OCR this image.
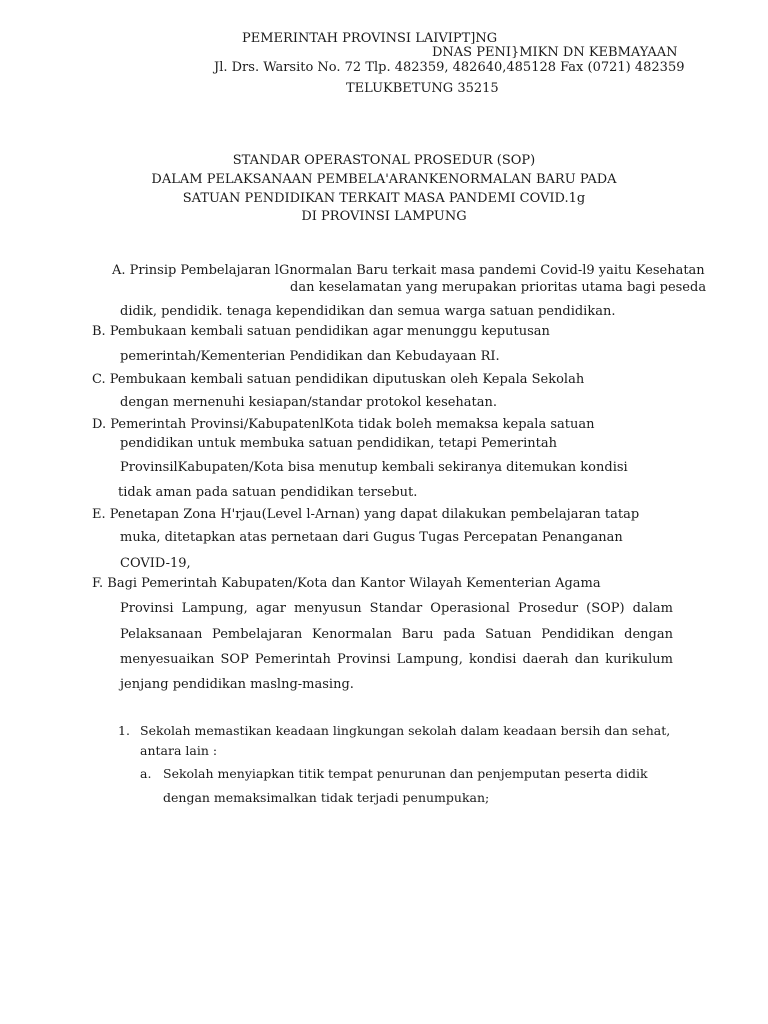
PEMERINTAH PROVINSI LAIVIPT]NG
DNAS PENI}MIKN DN KEBMAYAAN
Jl. Drs. Warsito No. 72 Tlp. 482359, 482640,485128 Fax (0721) 482359
TELUKBETUNG 35215
STANDAR OPERASTONAL PROSEDUR (SOP)
DALAM PELAKSANAAN PEMBELA'ARANKENORMALAN BARU PADA
SATUAN PENDIDIKAN TERKAIT MASA PANDEMI COVID.1g
DI PROVINSI LAMPUNG
A. Prinsip Pembelajaran lGnormalan Baru terkait masa pandemi Covid-l9 yaitu Kesehatan
dan keselamatan yang merupakan prioritas utama bagi peseda
didik, pendidik. tenaga kependidikan dan semua warga satuan pendidikan.
B. Pembukaan kembali satuan pendidikan agar menunggu keputusan
pemerintah/Kementerian Pendidikan dan Kebudayaan RI.
C. Pembukaan kembali satuan pendidikan diputuskan oleh Kepala Sekolah
dengan mernenuhi kesiapan/standar protokol kesehatan.
D. Pemerintah Provinsi/KabupatenlKota tidak boleh memaksa kepala satuan
pendidikan untuk membuka satuan pendidikan, tetapi Pemerintah
ProvinsilKabupaten/Kota bisa menutup kembali sekiranya ditemukan kondisi
tidak aman pada satuan pendidikan tersebut.
E. Penetapan Zona H'rjau(Level l-Arnan) yang dapat dilakukan pembelajaran tatap
muka, ditetapkan atas pernetaan dari Gugus Tugas Percepatan Penanganan
COVID-19,
F. Bagi Pemerintah Kabupaten/Kota dan Kantor Wilayah Kementerian Agama
Provinsi Lampung, agar menyusun Standar Operasional Prosedur (SOP) dalam
Pelaksanaan Pembelajaran Kenormalan Baru pada Satuan Pendidikan dengan
menyesuaikan SOP Pemerintah Provinsi Lampung, kondisi daerah dan kurikulum
jenjang pendidikan maslng-masing.
1. Sekolah memastikan keadaan lingkungan sekolah dalam keadaan bersih dan sehat,
antara lain :
a. Sekolah menyiapkan titik tempat penurunan dan penjemputan peserta didik
dengan memaksimalkan tidak terjadi penumpukan;
